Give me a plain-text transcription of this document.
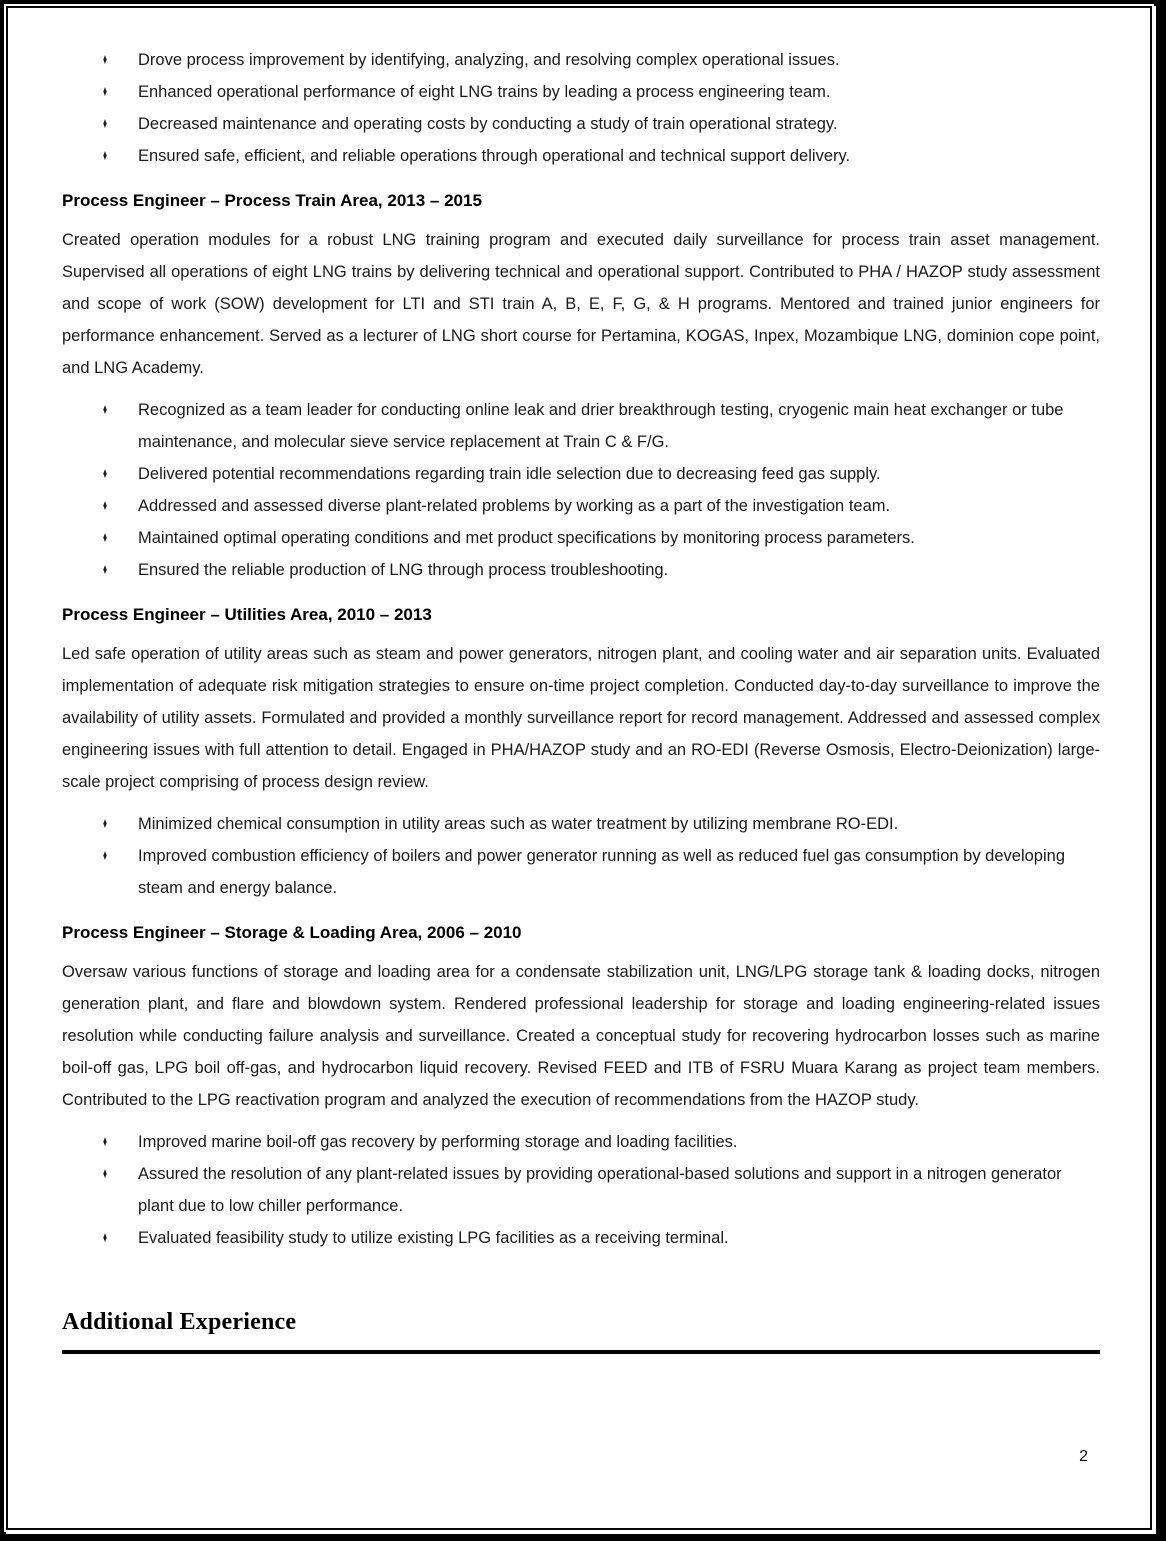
♦ Drove process improvement by identifying, analyzing, and resolving complex operational issues.
♦ Enhanced operational performance of eight LNG trains by leading a process engineering team.
♦ Decreased maintenance and operating costs by conducting a study of train operational strategy.
♦ Ensured safe, efficient, and reliable operations through operational and technical support delivery.
Process Engineer – Process Train Area, 2013 – 2015

Created operation modules for a robust LNG training program and executed daily surveillance for process train asset management. Supervised all operations of eight LNG trains by delivering technical and operational support. Contributed to PHA / HAZOP study assessment and scope of work (SOW) development for LTI and STI train A, B, E, F, G, & H programs. Mentored and trained junior engineers for performance enhancement. Served as a lecturer of LNG short course for Pertamina, KOGAS, Inpex, Mozambique LNG, dominion cope point, and LNG Academy.

♦ Recognized as a team leader for conducting online leak and drier breakthrough testing, cryogenic main heat exchanger or tube maintenance, and molecular sieve service replacement at Train C & F/G.
♦ Delivered potential recommendations regarding train idle selection due to decreasing feed gas supply.
♦ Addressed and assessed diverse plant-related problems by working as a part of the investigation team.
♦ Maintained optimal operating conditions and met product specifications by monitoring process parameters.
♦ Ensured the reliable production of LNG through process troubleshooting.
Process Engineer – Utilities Area, 2010 – 2013

Led safe operation of utility areas such as steam and power generators, nitrogen plant, and cooling water and air separation units. Evaluated implementation of adequate risk mitigation strategies to ensure on-time project completion. Conducted day-to-day surveillance to improve the availability of utility assets. Formulated and provided a monthly surveillance report for record management. Addressed and assessed complex engineering issues with full attention to detail. Engaged in PHA/HAZOP study and an RO-EDI (Reverse Osmosis, Electro-Deionization) large-scale project comprising of process design review.

♦ Minimized chemical consumption in utility areas such as water treatment by utilizing membrane RO-EDI.
♦ Improved combustion efficiency of boilers and power generator running as well as reduced fuel gas consumption by developing steam and energy balance.
Process Engineer – Storage & Loading Area, 2006 – 2010

Oversaw various functions of storage and loading area for a condensate stabilization unit, LNG/LPG storage tank & loading docks, nitrogen generation plant, and flare and blowdown system. Rendered professional leadership for storage and loading engineering-related issues resolution while conducting failure analysis and surveillance. Created a conceptual study for recovering hydrocarbon losses such as marine boil-off gas, LPG boil off-gas, and hydrocarbon liquid recovery. Revised FEED and ITB of FSRU Muara Karang as project team members. Contributed to the LPG reactivation program and analyzed the execution of recommendations from the HAZOP study.

♦ Improved marine boil-off gas recovery by performing storage and loading facilities.
♦ Assured the resolution of any plant-related issues by providing operational-based solutions and support in a nitrogen generator plant due to low chiller performance.
♦ Evaluated feasibility study to utilize existing LPG facilities as a receiving terminal.
Additional Experience
2
